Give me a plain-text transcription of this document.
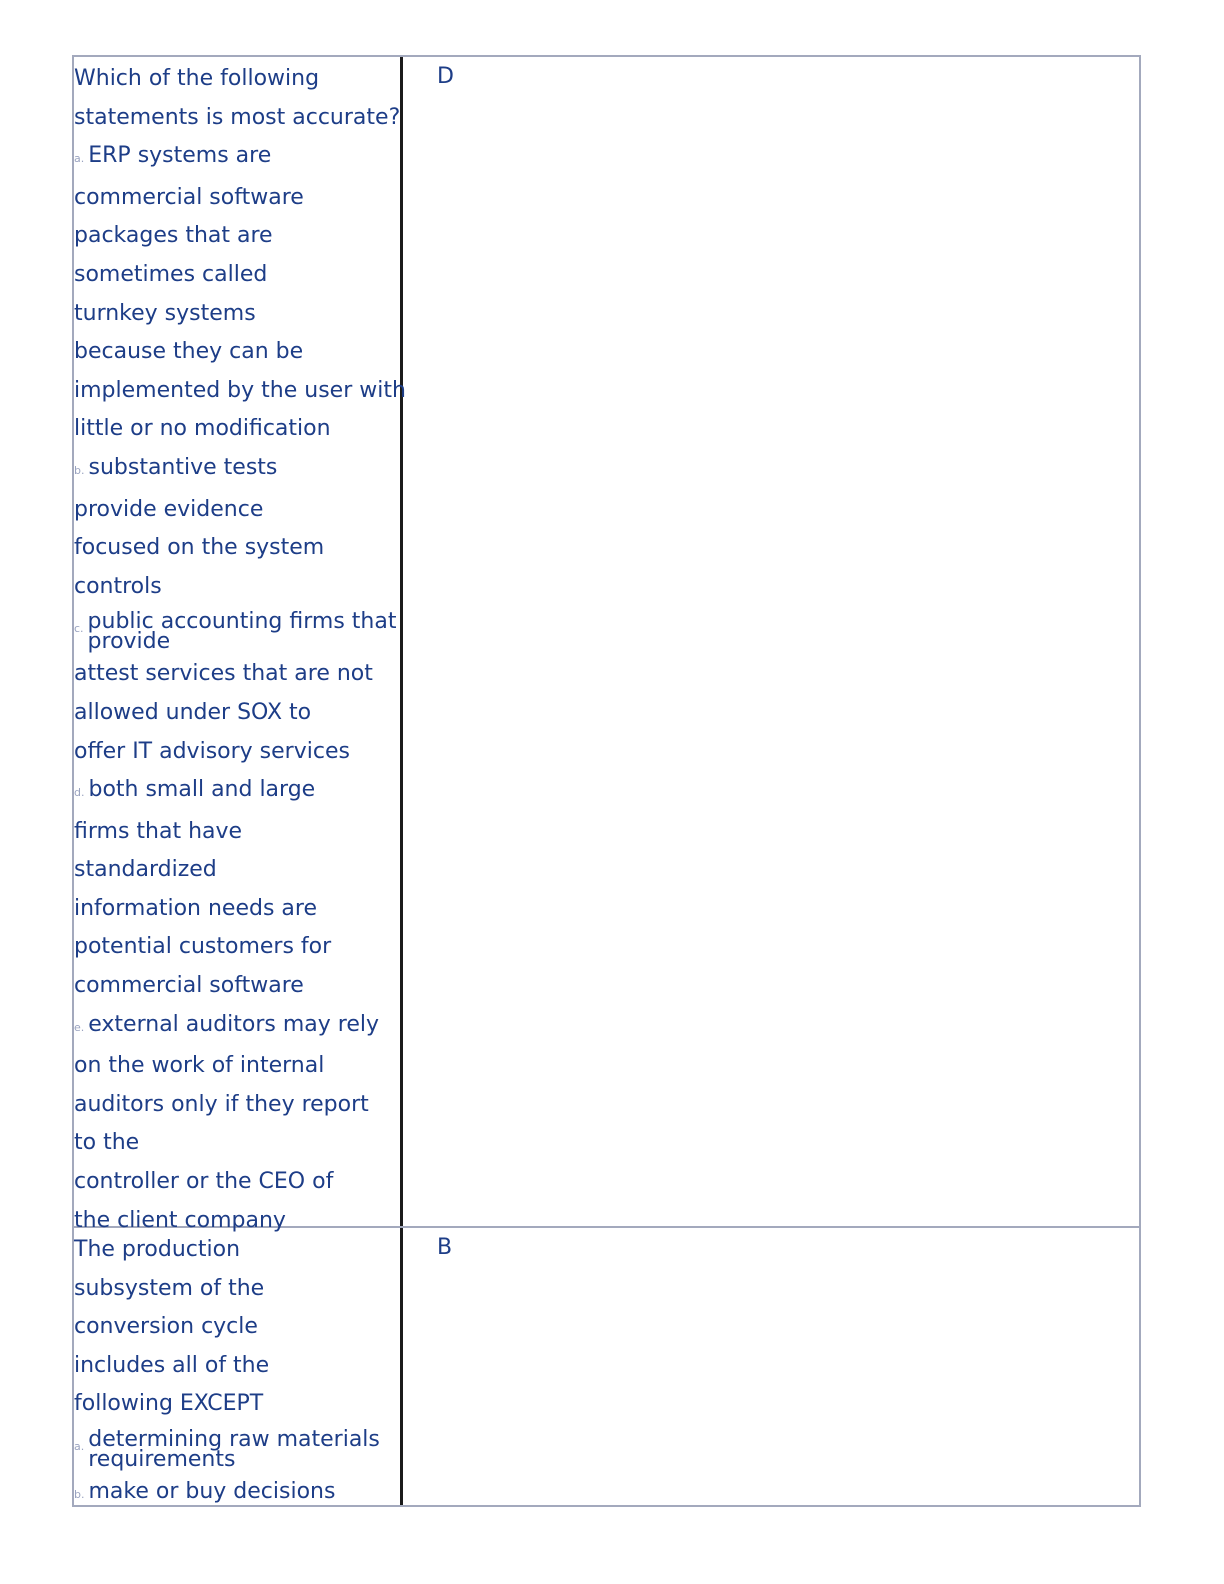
Which of the following
statements is most accurate?
a. ERP systems are
commercial software
packages that are
sometimes called
turnkey systems
because they can be
implemented by the user with
little or no modification
b. substantive tests
provide evidence
focused on the system
controls
c. public accounting firms that provide
attest services that are not
allowed under SOX to
offer IT advisory services
d. both small and large
firms that have
standardized
information needs are
potential customers for
commercial software
e. external auditors may rely
on the work of internal
auditors only if they report
to the
controller or the CEO of
the client company
D
The production
subsystem of the
conversion cycle
includes all of the
following EXCEPT
a. determining raw materials requirements
b. make or buy decisions
B
